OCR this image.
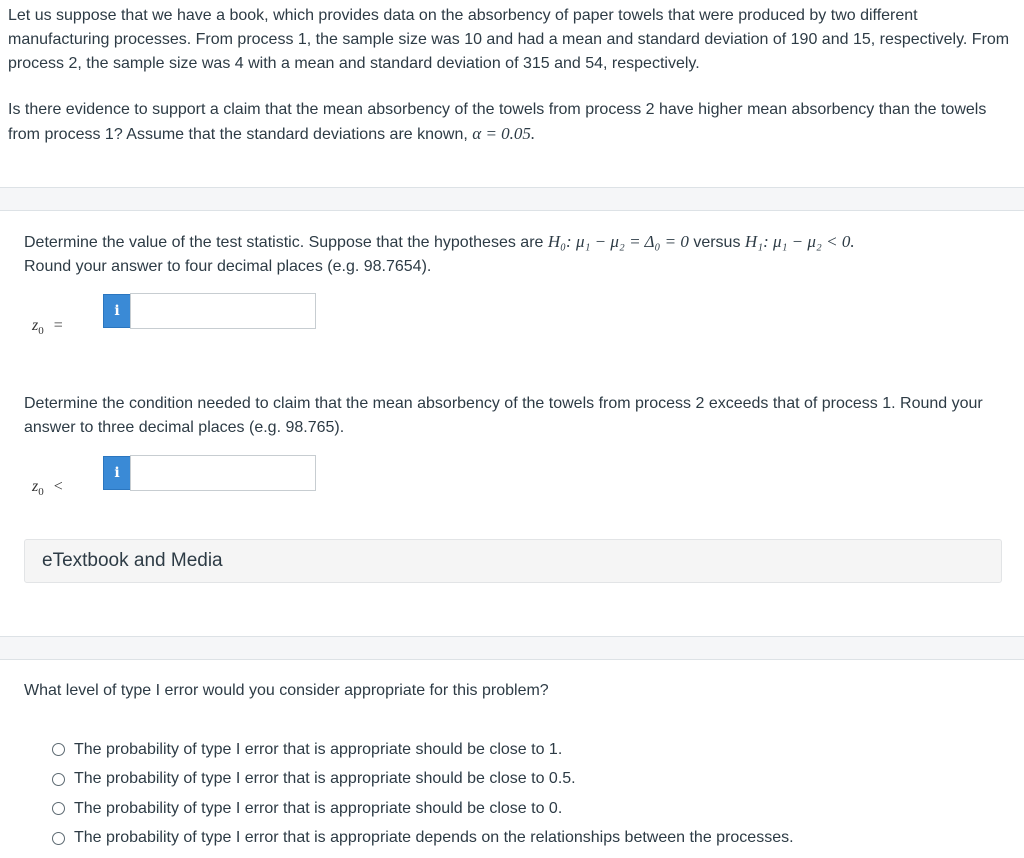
Let us suppose that we have a book, which provides data on the absorbency of paper towels that were produced by two different manufacturing processes. From process 1, the sample size was 10 and had a mean and standard deviation of 190 and 15, respectively. From process 2, the sample size was 4 with a mean and standard deviation of 315 and 54, respectively.

Is there evidence to support a claim that the mean absorbency of the towels from process 2 have higher mean absorbency than the towels from process 1? Assume that the standard deviations are known, α = 0.05.

Determine the value of the test statistic. Suppose that the hypotheses are H₀: μ₁ − μ₂ = Δ₀ = 0 versus H₁: μ₁ − μ₂ < 0.
Round your answer to four decimal places (e.g. 98.7654).

$z_0$ =
i

Determine the condition needed to claim that the mean absorbency of the towels from process 2 exceeds that of process 1. Round your answer to three decimal places (e.g. 98.765).

$z_0$ <
i
eTextbook and Media

What level of type I error would you consider appropriate for this problem?

The probability of type I error that is appropriate should be close to 1.
The probability of type I error that is appropriate should be close to 0.5.
The probability of type I error that is appropriate should be close to 0.
The probability of type I error that is appropriate depends on the relationships between the processes.
